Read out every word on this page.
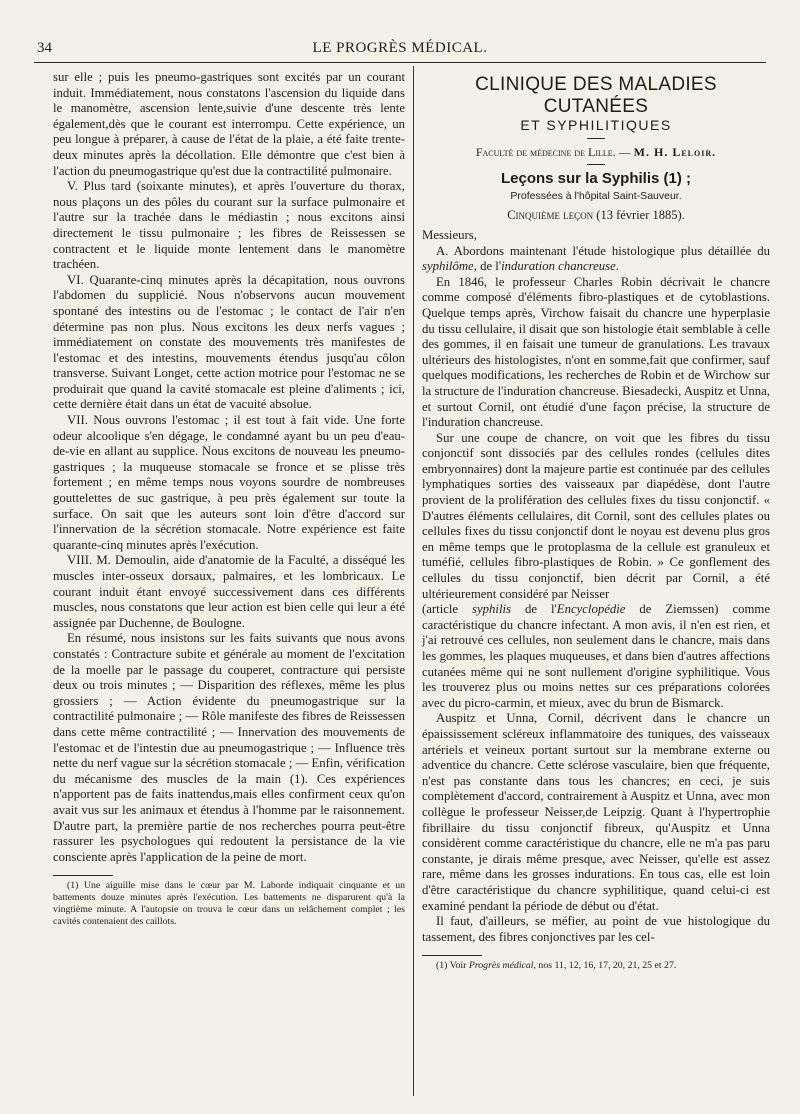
34	LE PROGRÈS MÉDICAL.

sur elle ; puis les pneumo-gastriques sont excités par un courant induit. Immédiatement, nous constatons l'ascension du liquide dans le manomètre, ascension lente,suivie d'une descente très lente également,dès que le courant est interrompu. Cette expérience, un peu longue à préparer, à cause de l'état de la plaie, a été faite trente-deux minutes après la décollation. Elle démontre que c'est bien à l'action du pneumogastrique qu'est due la contractilité pulmonaire.

V. Plus tard (soixante minutes), et après l'ouverture du thorax, nous plaçons un des pôles du courant sur la surface pulmonaire et l'autre sur la trachée dans le médiastin ; nous excitons ainsi directement le tissu pulmonaire ; les fibres de Reissessen se contractent et le liquide monte lentement dans le manomètre trachéen.

VI. Quarante-cinq minutes après la décapitation, nous ouvrons l'abdomen du supplicié. Nous n'observons aucun mouvement spontané des intestins ou de l'estomac ; le contact de l'air n'en détermine pas non plus. Nous excitons les deux nerfs vagues ; immédiatement on constate des mouvements très manifestes de l'estomac et des intestins, mouvements étendus jusqu'au côlon transverse. Suivant Longet, cette action motrice pour l'estomac ne se produirait que quand la cavité stomacale est pleine d'aliments ; ici, cette dernière était dans un état de vacuité absolue.

VII. Nous ouvrons l'estomac ; il est tout à fait vide. Une forte odeur alcoolique s'en dégage, le condamné ayant bu un peu d'eau-de-vie en allant au supplice. Nous excitons de nouveau les pneumo-gastriques ; la muqueuse stomacale se fronce et se plisse très fortement ; en même temps nous voyons sourdre de nombreuses gouttelettes de suc gastrique, à peu près également sur toute la surface. On sait que les auteurs sont loin d'être d'accord sur l'innervation de la sécrétion stomacale. Notre expérience est faite quarante-cinq minutes après l'exécution.

VIII. M. Demoulin, aide d'anatomie de la Faculté, a disséqué les muscles inter-osseux dorsaux, palmaires, et les lombricaux. Le courant induit étant envoyé successivement dans ces différents muscles, nous constatons que leur action est bien celle qui leur a été assignée par Duchenne, de Boulogne.

En résumé, nous insistons sur les faits suivants que nous avons constatés : Contracture subite et générale au moment de l'excitation de la moelle par le passage du couperet, contracture qui persiste deux ou trois minutes ; — Disparition des réflexes, même les plus grossiers ; — Action évidente du pneumogastrique sur la contractilité pulmonaire ; — Rôle manifeste des fibres de Reissessen dans cette même contractilité ; — Innervation des mouvements de l'estomac et de l'intestin due au pneumogastrique ; — Influence très nette du nerf vague sur la sécrétion stomacale ; — Enfin, vérification du mécanisme des muscles de la main (1). Ces expériences n'apportent pas de faits inattendus,mais elles confirment ceux qu'on avait vus sur les animaux et étendus à l'homme par le raisonnement. D'autre part, la première partie de nos recherches pourra peut-être rassurer les psychologues qui redoutent la persistance de la vie consciente après l'application de la peine de mort.

(1) Une aiguille mise dans le cœur par M. Laborde indiquait cinquante et un battements douze minutes après l'exécution. Les battements ne disparurent qu'à la vingtième minute. A l'autopsie on trouva le cœur dans un relâchement complet ; les cavités contenaient des caillots.

CLINIQUE DES MALADIES CUTANÉES
ET SYPHILITIQUES
Faculté de médecine de Lille. — M. H. Leloir.
Leçons sur la Syphilis (1) ;
Professées à l'hôpital Saint-Sauveur.
Cinquième leçon (13 février 1885).

Messieurs,

A. Abordons maintenant l'étude histologique plus détaillée du syphilôme, de l'induration chancreuse.

En 1846, le professeur Charles Robin décrivait le chancre comme composé d'éléments fibro-plastiques et de cytoblastions. Quelque temps après, Virchow faisait du chancre une hyperplasie du tissu cellulaire, il disait que son histologie était semblable à celle des gommes, il en faisait une tumeur de granulations. Les travaux ultérieurs des histologistes, n'ont en somme,fait que confirmer, sauf quelques modifications, les recherches de Robin et de Wirchow sur la structure de l'induration chancreuse. Biesadecki, Auspitz et Unna, et surtout Cornil, ont étudié d'une façon précise, la structure de l'induration chancreuse.

Sur une coupe de chancre, on voit que les fibres du tissu conjonctif sont dissociés par des cellules rondes (cellules dites embryonnaires) dont la majeure partie est continuée par des cellules lymphatiques sorties des vaisseaux par diapédèse, dont l'autre provient de la prolifération des cellules fixes du tissu conjonctif. « D'autres éléments cellulaires, dit Cornil, sont des cellules plates ou cellules fixes du tissu conjonctif dont le noyau est devenu plus gros en même temps que le protoplasma de la cellule est granuleux et tuméfié, cellules fibro-plastiques de Robin. » Ce gonflement des cellules du tissu conjonctif, bien décrit par Cornil, a été ultérieurement considéré par Neisser

(article syphilis de l'Encyclopédie de Ziemssen) comme caractéristique du chancre infectant. A mon avis, il n'en est rien, et j'ai retrouvé ces cellules, non seulement dans le chancre, mais dans les gommes, les plaques muqueuses, et dans bien d'autres affections cutanées même qui ne sont nullement d'origine syphilitique. Vous les trouverez plus ou moins nettes sur ces préparations colorées avec du picro-carmin, et mieux, avec du brun de Bismarck.

Auspitz et Unna, Cornil, décrivent dans le chancre un épaississement scléreux inflammatoire des tuniques, des vaisseaux artériels et veineux portant surtout sur la membrane externe ou adventice du chancre. Cette sclérose vasculaire, bien que fréquente, n'est pas constante dans tous les chancres; en ceci, je suis complètement d'accord, contrairement à Auspitz et Unna, avec mon collègue le professeur Neisser,de Leipzig. Quant à l'hypertrophie fibrillaire du tissu conjonctif fibreux, qu'Auspitz et Unna considèrent comme caractéristique du chancre, elle ne m'a pas paru constante, je dirais même presque, avec Neisser, qu'elle est assez rare, même dans les grosses indurations. En tous cas, elle est loin d'être caractéristique du chancre syphilitique, quand celui-ci est examiné pendant la période de début ou d'état.

Il faut, d'ailleurs, se méfier, au point de vue histologique du tassement, des fibres conjonctives par les cel-

(1) Voir Progrès médical, nos 11, 12, 16, 17, 20, 21, 25 et 27.
